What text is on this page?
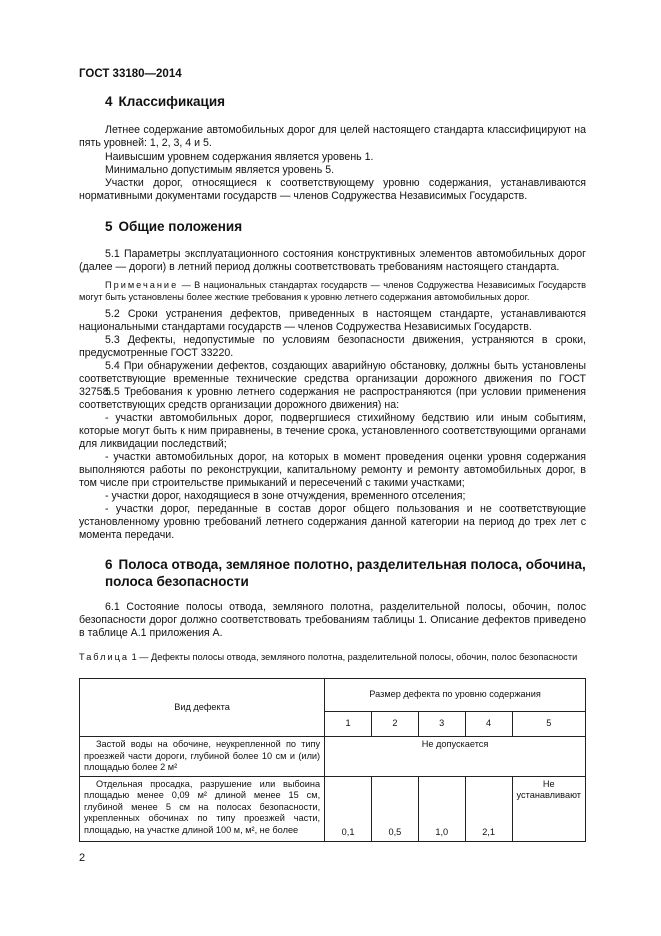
ГОСТ 33180—2014
4 Классификация
Летнее содержание автомобильных дорог для целей настоящего стандарта классифицируют на пять уровней: 1, 2, 3, 4 и 5.
Наивысшим уровнем содержания является уровень 1.
Минимально допустимым является уровень 5.
Участки дорог, относящиеся к соответствующему уровню содержания, устанавливаются нормативными документами государств — членов Содружества Независимых Государств.
5 Общие положения
5.1 Параметры эксплуатационного состояния конструктивных элементов автомобильных дорог (далее — дороги) в летний период должны соответствовать требованиям настоящего стандарта.
Примечание — В национальных стандартах государств — членов Содружества Независимых Государств могут быть установлены более жесткие требования к уровню летнего содержания автомобильных дорог.
5.2 Сроки устранения дефектов, приведенных в настоящем стандарте, устанавливаются национальными стандартами государств — членов Содружества Независимых Государств.
5.3 Дефекты, недопустимые по условиям безопасности движения, устраняются в сроки, предусмотренные ГОСТ 33220.
5.4 При обнаружении дефектов, создающих аварийную обстановку, должны быть установлены соответствующие временные технические средства организации дорожного движения по ГОСТ 32758.
5.5 Требования к уровню летнего содержания не распространяются (при условии применения соответствующих средств организации дорожного движения) на:
- участки автомобильных дорог, подвергшиеся стихийному бедствию или иным событиям, которые могут быть к ним приравнены, в течение срока, установленного соответствующими органами для ликвидации последствий;
- участки автомобильных дорог, на которых в момент проведения оценки уровня содержания выполняются работы по реконструкции, капитальному ремонту и ремонту автомобильных дорог, в том числе при строительстве примыканий и пересечений с такими участками;
- участки дорог, находящиеся в зоне отчуждения, временного отселения;
- участки дорог, переданные в состав дорог общего пользования и не соответствующие установленному уровню требований летнего содержания данной категории на период до трех лет с момента передачи.
6 Полоса отвода, земляное полотно, разделительная полоса, обочина,
полоса безопасности
6.1 Состояние полосы отвода, земляного полотна, разделительной полосы, обочин, полос безопасности дорог должно соответствовать требованиям таблицы 1. Описание дефектов приведено в таблице А.1 приложения А.
Таблица 1 — Дефекты полосы отвода, земляного полотна, разделительной полосы, обочин, полос безопасности
Вид дефекта	Размер дефекта по уровню содержания				
	1	2	3	4	5
Застой воды на обочине, неукрепленной по типу проезжей части дороги, глубиной более 10 см и (или) площадью более 2 м²	Не допускается				
Отдельная просадка, разрушение или выбоина площадью менее 0,09 м² длиной менее 15 см, глубиной менее 5 см на полосах безопасности, укрепленных обочинах по типу проезжей части, площадью, на участке длиной 100 м, м², не более	0,1	0,5	1,0	2,1	Не устанавливают
2
